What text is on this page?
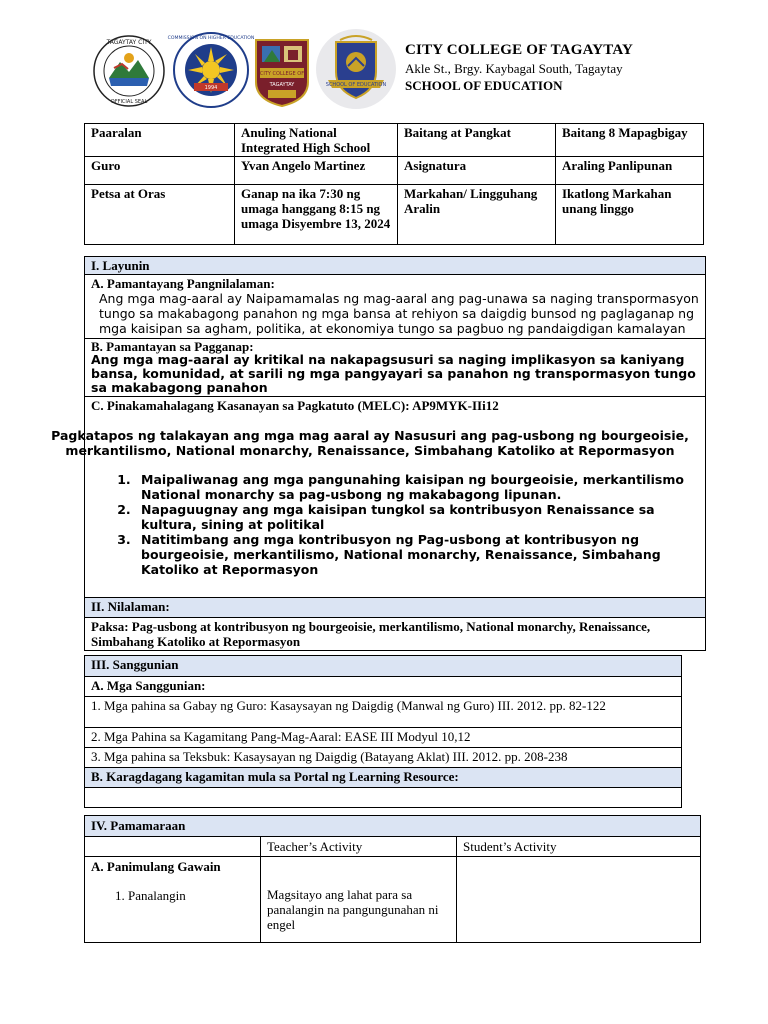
TAGAYTAY CITY
OFFICIAL SEAL
1994
COMMISSION ON HIGHER EDUCATION
CITY COLLEGE OF
TAGAYTAY	SCHOOL OF EDUCATION
CITY COLLEGE OF TAGAYTAY
Akle St., Brgy. Kaybagal South, Tagaytay
SCHOOL OF EDUCATION
Paaralan	Anuling National Integrated High School	Baitang at Pangkat	Baitang 8 Mapagbigay
Guro	Yvan Angelo Martinez	Asignatura	Araling Panlipunan
Petsa at Oras	Ganap na ika 7:30 ng umaga hanggang 8:15 ng umaga Disyembre 13, 2024	Markahan/ Lingguhang Aralin	Ikatlong Markahan unang linggo
I. Layunin

A. Pamantayang Pangnilalaman:
Ang mga mag-aaral ay Naipamamalas ng mag-aaral ang pag-unawa sa naging transpormasyon tungo sa makabagong panahon ng mga bansa at rehiyon sa daigdig bunsod ng paglaganap ng mga kaisipan sa agham, politika, at ekonomiya tungo sa pagbuo ng pandaigdigan kamalayan

B. Pamantayan sa Pagganap:
Ang mga mag-aaral ay kritikal na nakapagsusuri sa naging implikasyon sa kaniyang bansa, komunidad, at sarili ng mga pangyayari sa panahon ng transpormasyon tungo sa makabagong panahon

C. Pinakamahalagang Kasanayan sa Pagkatuto (MELC): AP9MYK-IIi12
Pagkatapos ng talakayan ang mga mag aaral ay Nasusuri ang pag-usbong ng bourgeoisie, merkantilismo, National monarchy, Renaissance, Simbahang Katoliko at Repormasyon
1. Maipaliwanag ang mga pangunahing kaisipan ng bourgeoisie, merkantilismo National monarchy sa pag-usbong ng makabagong lipunan.
2. Napaguugnay ang mga kaisipan tungkol sa kontribusyon Renaissance sa kultura, sining at politikal
3. Natitimbang ang mga kontribusyon ng Pag-usbong at kontribusyon ng bourgeoisie, merkantilismo, National monarchy, Renaissance, Simbahang Katoliko at Repormasyon

II. Nilalaman:
Paksa: Pag-usbong at kontribusyon ng bourgeoisie, merkantilismo, National monarchy, Renaissance, Simbahang Katoliko at Repormasyon
III. Sanggunian
A. Mga Sanggunian:
1. Mga pahina sa Gabay ng Guro: Kasaysayan ng Daigdig (Manwal ng Guro) III. 2012. pp. 82-122
2. Mga Pahina sa Kagamitang Pang-Mag-Aaral: EASE III Modyul 10,12
3. Mga pahina sa Teksbuk: Kasaysayan ng Daigdig (Batayang Aklat) III. 2012. pp. 208-238
B. Karagdagang kagamitan mula sa Portal ng Learning Resource:

IV. Pamamaraan		
	Teacher’s Activity	Student’s Activity

A. Panimulang Gawain
1. Panalangin	Magsitayo ang lahat para sa panalangin na pangungunahan ni engel	
